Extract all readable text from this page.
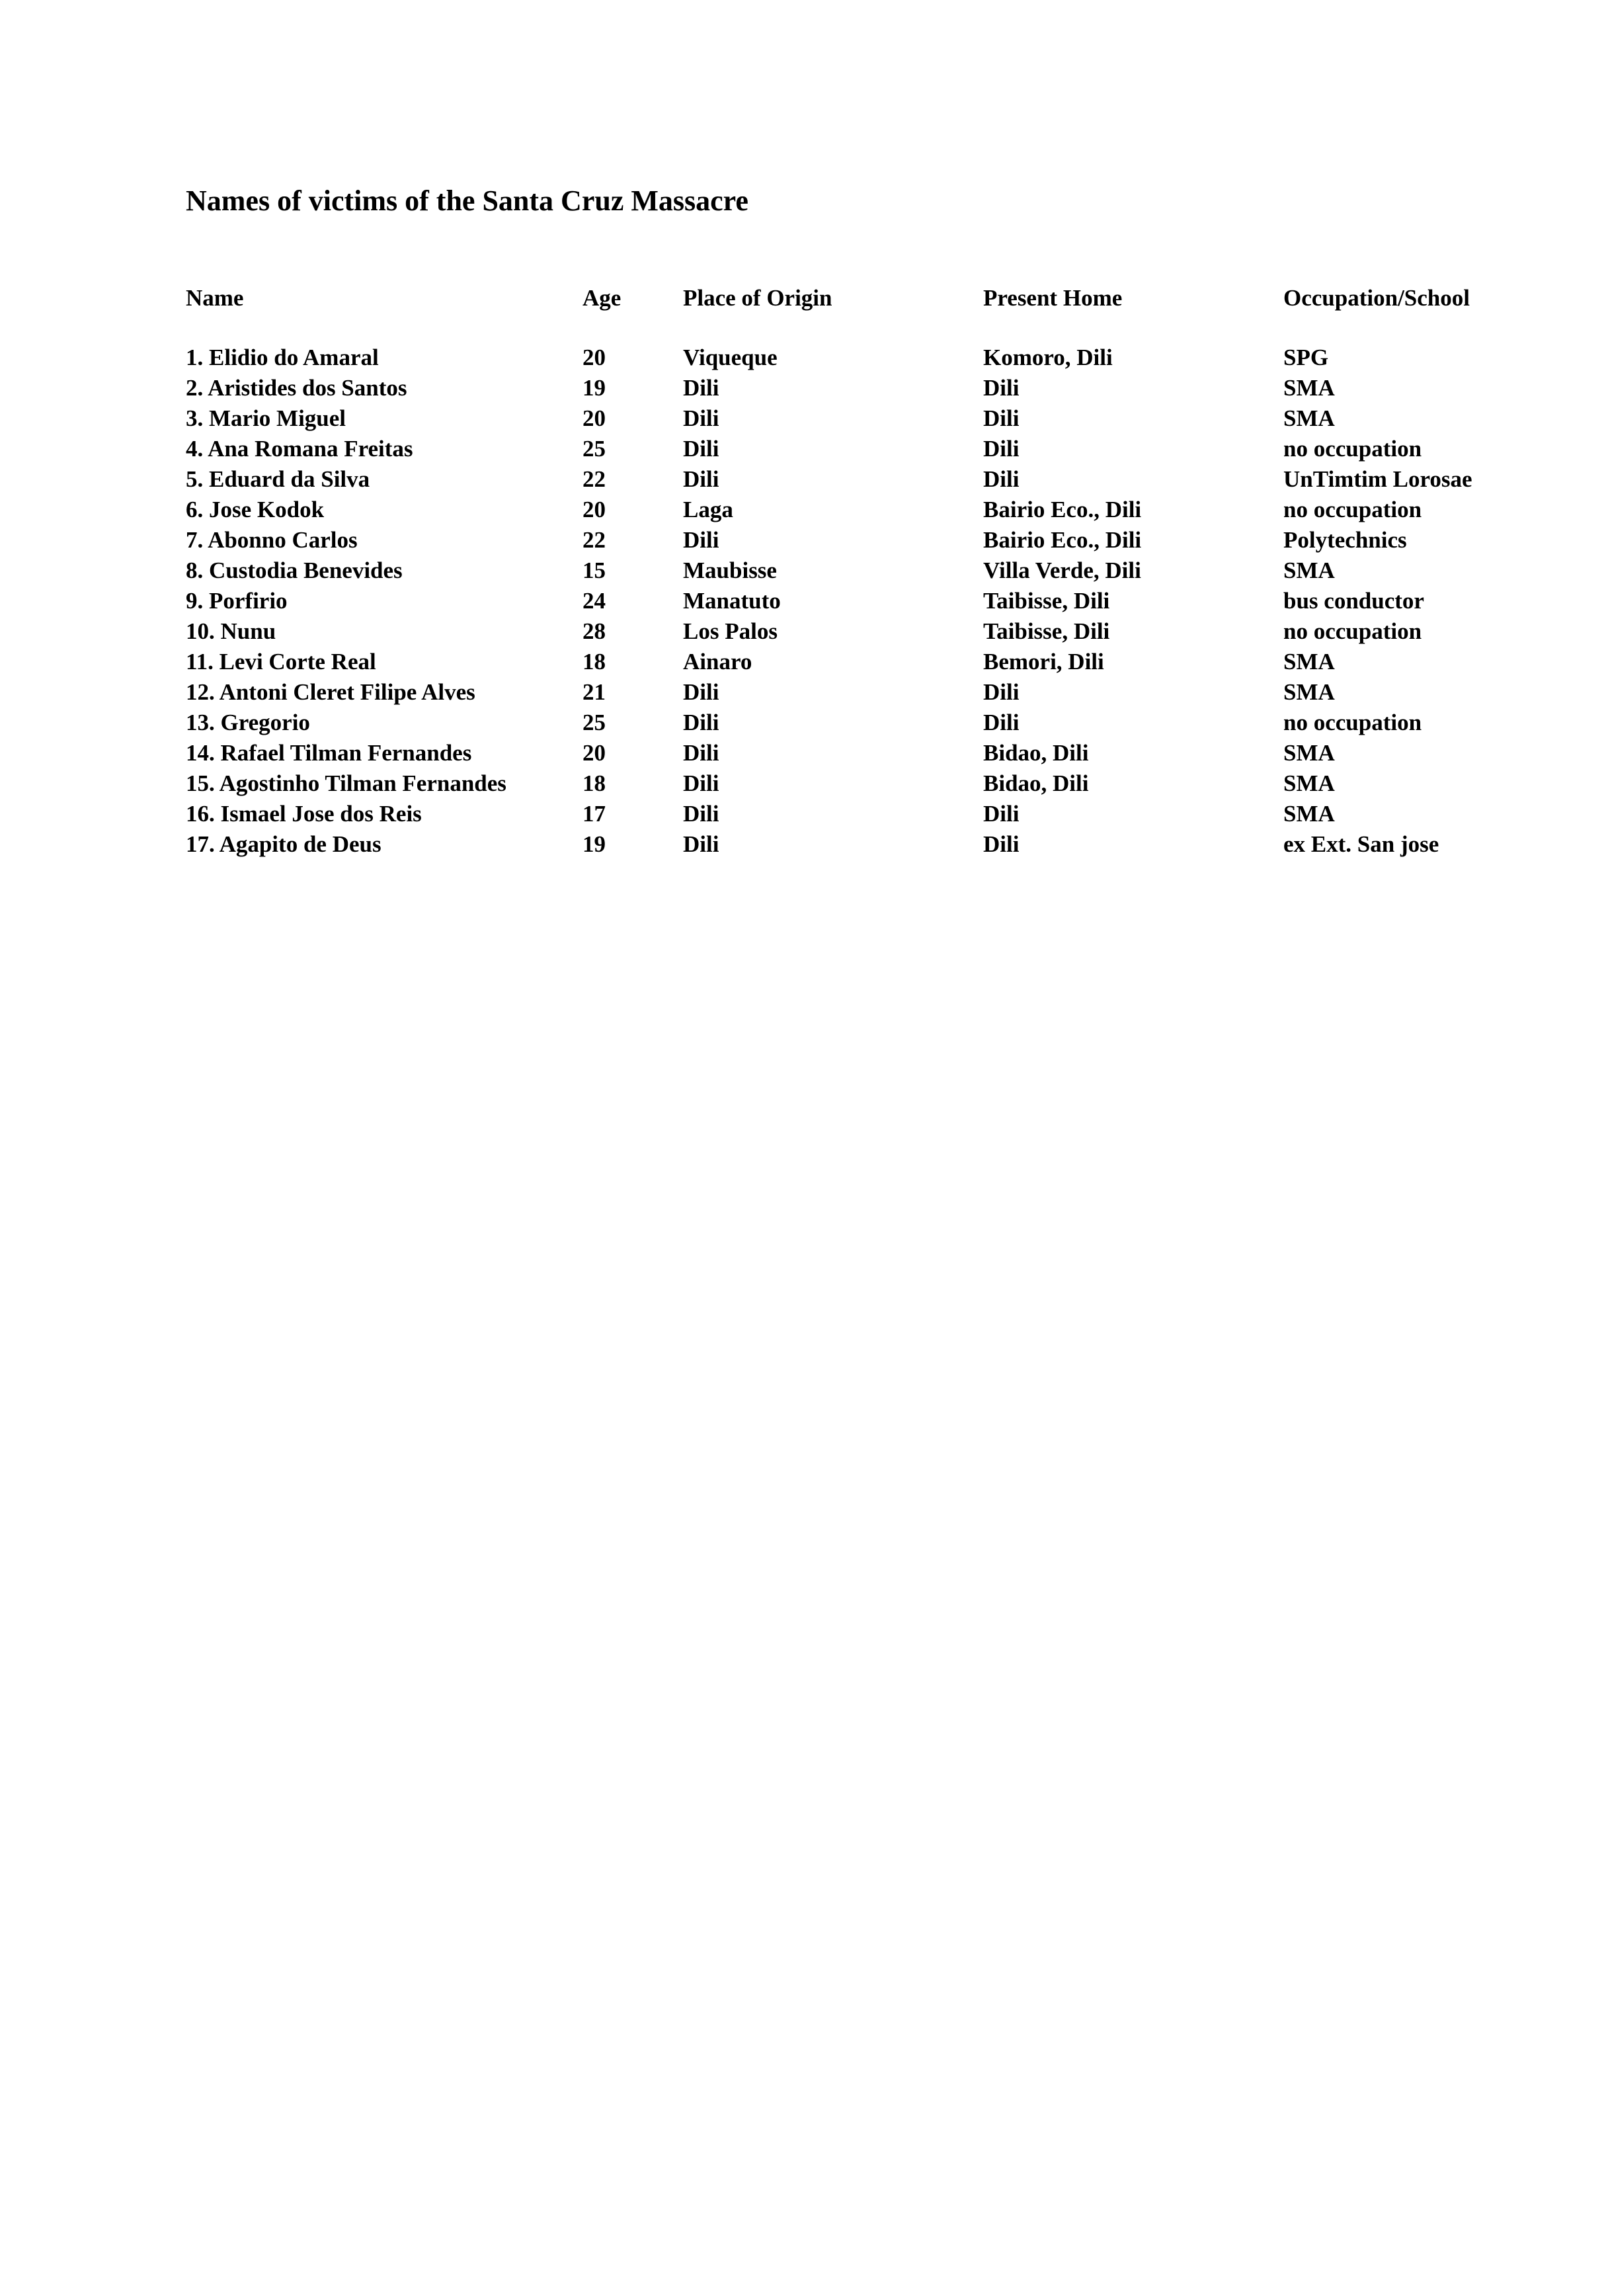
Names of victims of the Santa Cruz Massacre
Name	Age	Place of Origin	Present Home	Occupation/School
1. Elidio do Amaral	20	Viqueque	Komoro, Dili	SPG
2. Aristides dos Santos	19	Dili	Dili	SMA
3. Mario Miguel	20	Dili	Dili	SMA
4. Ana Romana Freitas	25	Dili	Dili	no occupation
5. Eduard da Silva	22	Dili	Dili	UnTimtim Lorosae
6. Jose Kodok	20	Laga	Bairio Eco., Dili	no occupation
7. Abonno Carlos	22	Dili	Bairio Eco., Dili	Polytechnics
8. Custodia Benevides	15	Maubisse	Villa Verde, Dili	SMA
9. Porfirio	24	Manatuto	Taibisse, Dili	bus conductor
10. Nunu	28	Los Palos	Taibisse, Dili	no occupation
11. Levi Corte Real	18	Ainaro	Bemori, Dili	SMA
12. Antoni Cleret Filipe Alves	21	Dili	Dili	SMA
13. Gregorio	25	Dili	Dili	no occupation
14. Rafael Tilman Fernandes	20	Dili	Bidao, Dili	SMA
15. Agostinho Tilman Fernandes	18	Dili	Bidao, Dili	SMA
16. Ismael Jose dos Reis	17	Dili	Dili	SMA
17. Agapito de Deus	19	Dili	Dili	ex Ext. San jose
